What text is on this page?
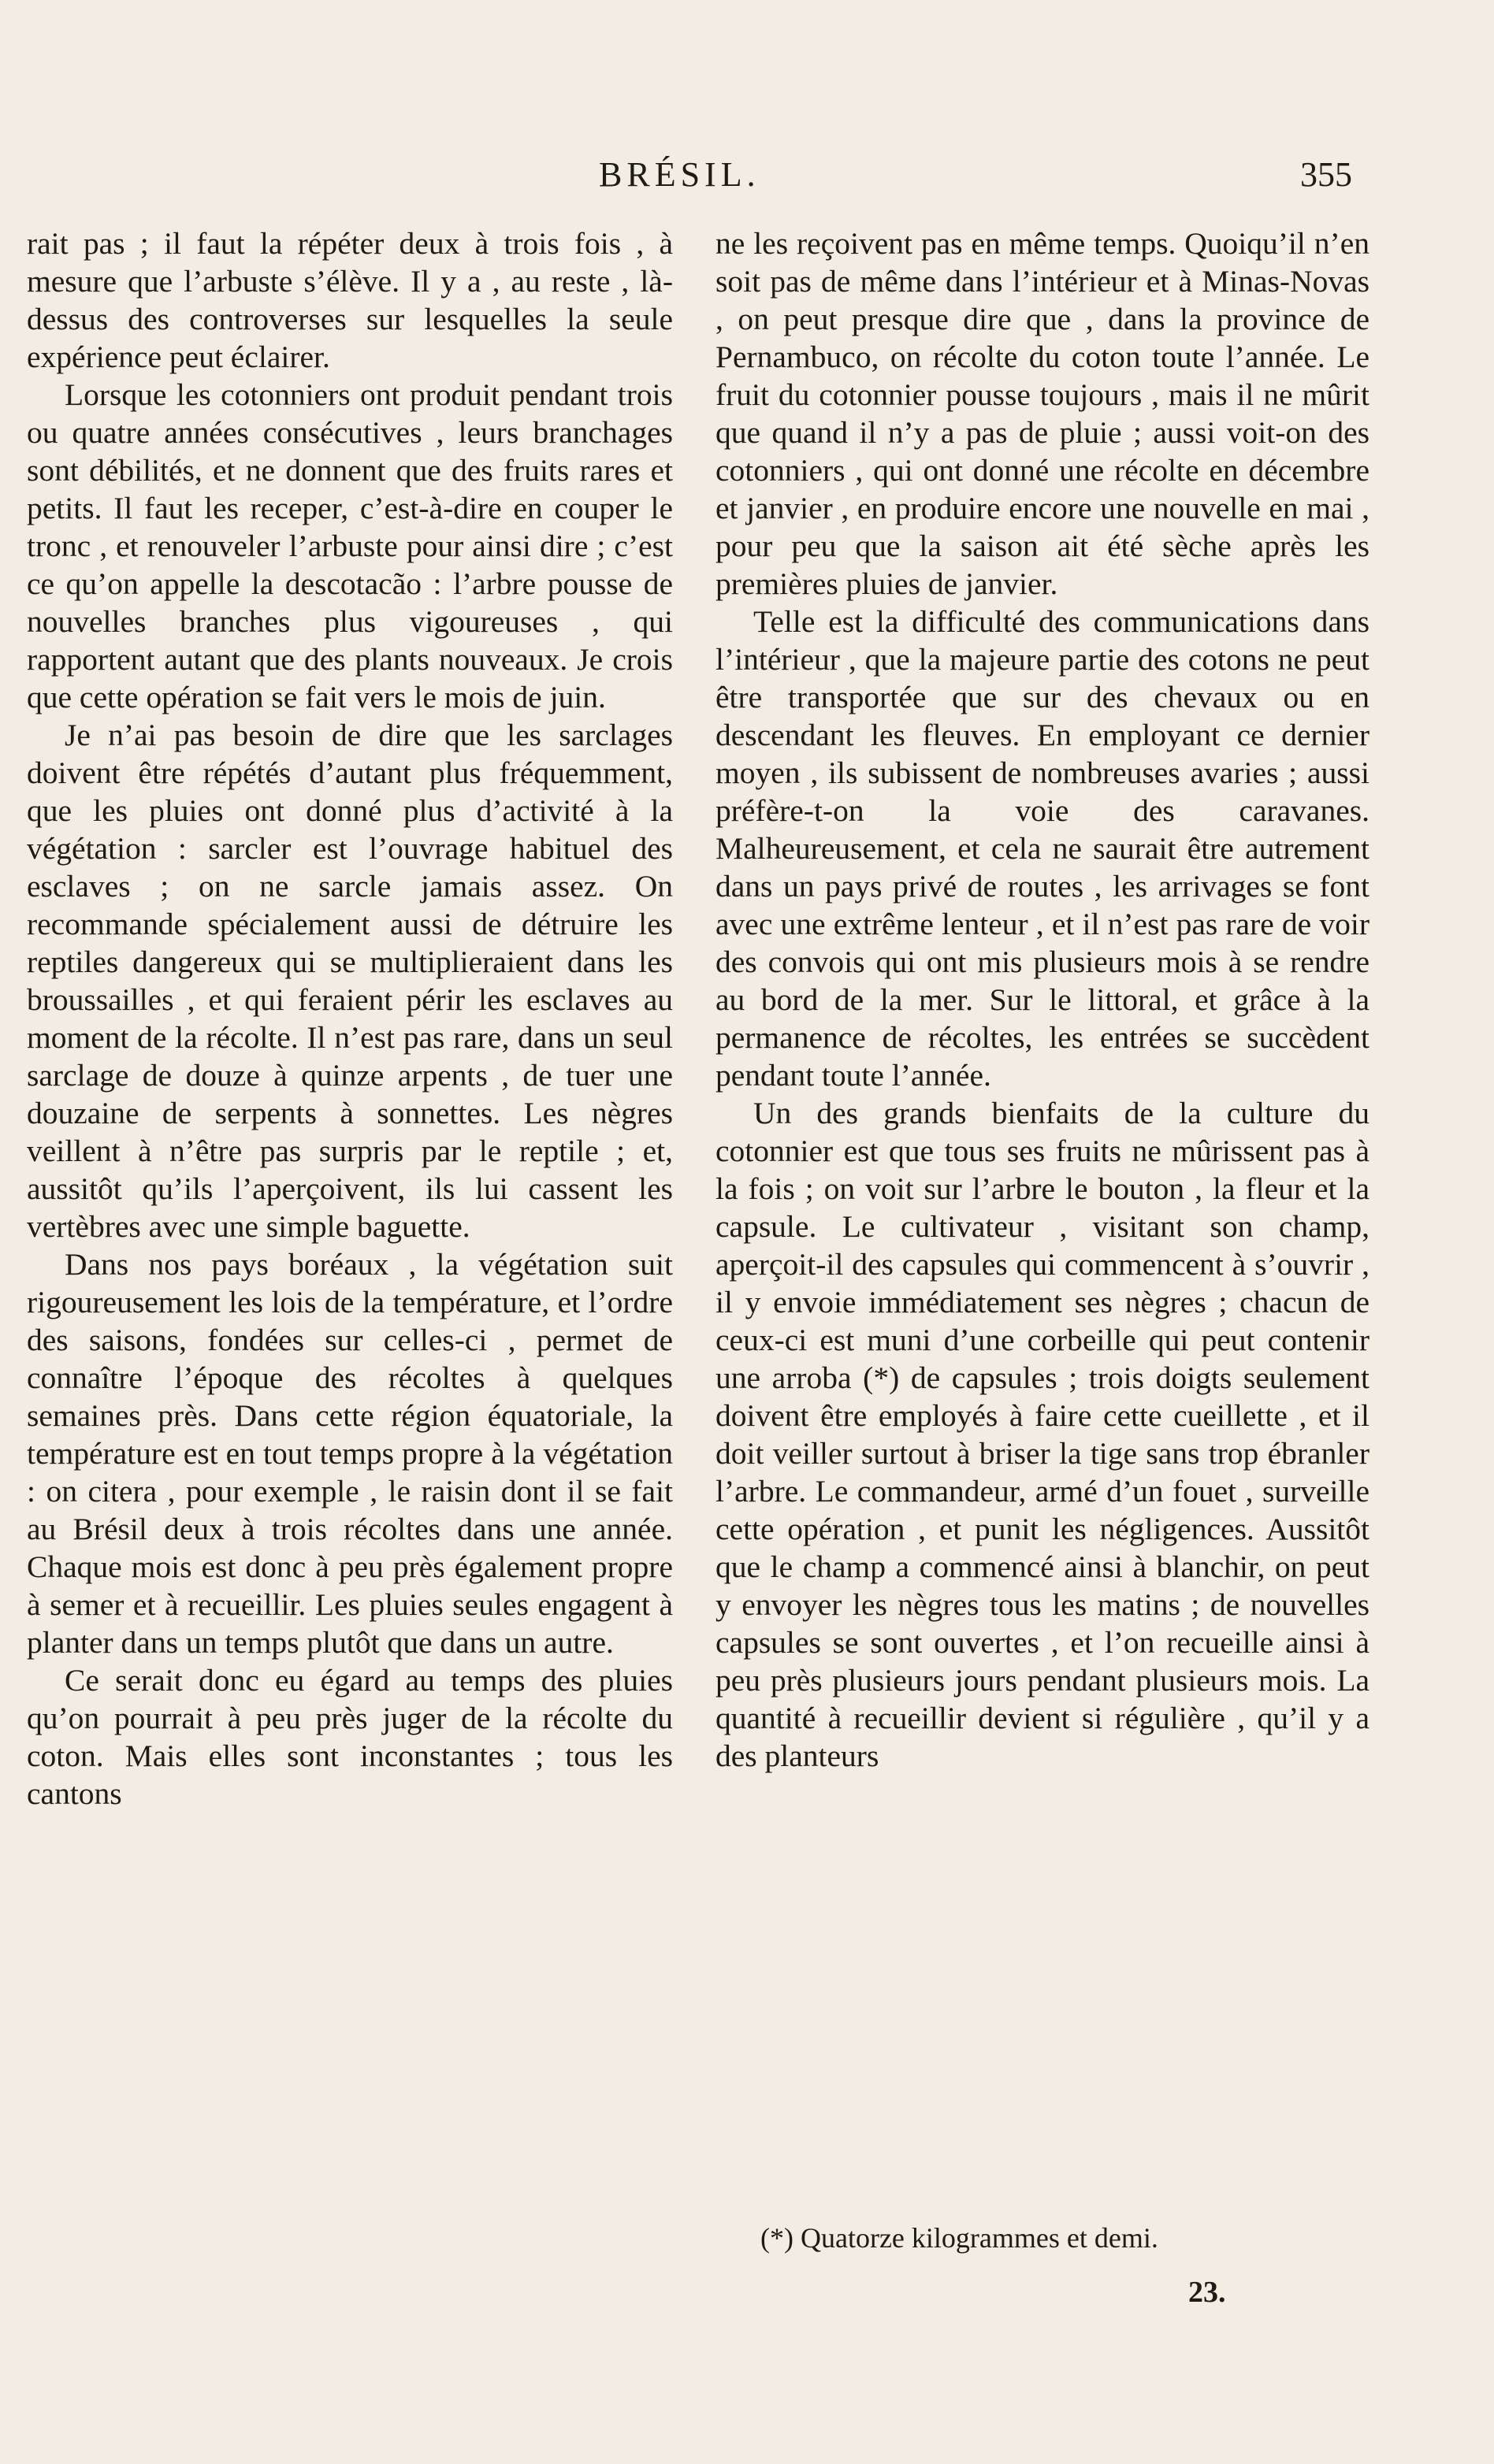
BRÉSIL.	355

rait pas ; il faut la répéter deux à trois fois , à mesure que l’arbuste s’élève. Il y a , au reste , là-dessus des controverses sur lesquelles la seule expérience peut éclairer.

Lorsque les cotonniers ont produit pendant trois ou quatre années consécutives , leurs branchages sont débilités, et ne donnent que des fruits rares et petits. Il faut les receper, c’est-à-dire en couper le tronc , et renouveler l’arbuste pour ainsi dire ; c’est ce qu’on appelle la descotacão : l’arbre pousse de nouvelles branches plus vigoureuses , qui rapportent autant que des plants nouveaux. Je crois que cette opération se fait vers le mois de juin.

Je n’ai pas besoin de dire que les sarclages doivent être répétés d’autant plus fréquemment, que les pluies ont donné plus d’activité à la végétation : sarcler est l’ouvrage habituel des esclaves ; on ne sarcle jamais assez. On recommande spécialement aussi de détruire les reptiles dangereux qui se multiplieraient dans les broussailles , et qui feraient périr les esclaves au moment de la récolte. Il n’est pas rare, dans un seul sarclage de douze à quinze arpents , de tuer une douzaine de serpents à sonnettes. Les nègres veillent à n’être pas surpris par le reptile ; et, aussitôt qu’ils l’aperçoivent, ils lui cassent les vertèbres avec une simple baguette.

Dans nos pays boréaux , la végétation suit rigoureusement les lois de la température, et l’ordre des saisons, fondées sur celles-ci , permet de connaître l’époque des récoltes à quelques semaines près. Dans cette région équatoriale, la température est en tout temps propre à la végétation : on citera , pour exemple , le raisin dont il se fait au Brésil deux à trois récoltes dans une année. Chaque mois est donc à peu près également propre à semer et à recueillir. Les pluies seules engagent à planter dans un temps plutôt que dans un autre.

Ce serait donc eu égard au temps des pluies qu’on pourrait à peu près juger de la récolte du coton. Mais elles sont inconstantes ; tous les cantons

ne les reçoivent pas en même temps. Quoiqu’il n’en soit pas de même dans l’intérieur et à Minas-Novas , on peut presque dire que , dans la province de Pernambuco, on récolte du coton toute l’année. Le fruit du cotonnier pousse toujours , mais il ne mûrit que quand il n’y a pas de pluie ; aussi voit-on des cotonniers , qui ont donné une récolte en décembre et janvier , en produire encore une nouvelle en mai , pour peu que la saison ait été sèche après les premières pluies de janvier.

Telle est la difficulté des communications dans l’intérieur , que la majeure partie des cotons ne peut être transportée que sur des chevaux ou en descendant les fleuves. En employant ce dernier moyen , ils subissent de nombreuses avaries ; aussi préfère-t-on la voie des caravanes. Malheureusement, et cela ne saurait être autrement dans un pays privé de routes , les arrivages se font avec une extrême lenteur , et il n’est pas rare de voir des convois qui ont mis plusieurs mois à se rendre au bord de la mer. Sur le littoral, et grâce à la permanence de récoltes, les entrées se succèdent pendant toute l’année.

Un des grands bienfaits de la culture du cotonnier est que tous ses fruits ne mûrissent pas à la fois ; on voit sur l’arbre le bouton , la fleur et la capsule. Le cultivateur , visitant son champ, aperçoit-il des capsules qui commencent à s’ouvrir , il y envoie immédiatement ses nègres ; chacun de ceux-ci est muni d’une corbeille qui peut contenir une arroba (*) de capsules ; trois doigts seulement doivent être employés à faire cette cueillette , et il doit veiller surtout à briser la tige sans trop ébranler l’arbre. Le commandeur, armé d’un fouet , surveille cette opération , et punit les négligences. Aussitôt que le champ a commencé ainsi à blanchir, on peut y envoyer les nègres tous les matins ; de nouvelles capsules se sont ouvertes , et l’on recueille ainsi à peu près plusieurs jours pendant plusieurs mois. La quantité à recueillir devient si régulière , qu’il y a des planteurs

(*) Quatorze kilogrammes et demi.
23.
